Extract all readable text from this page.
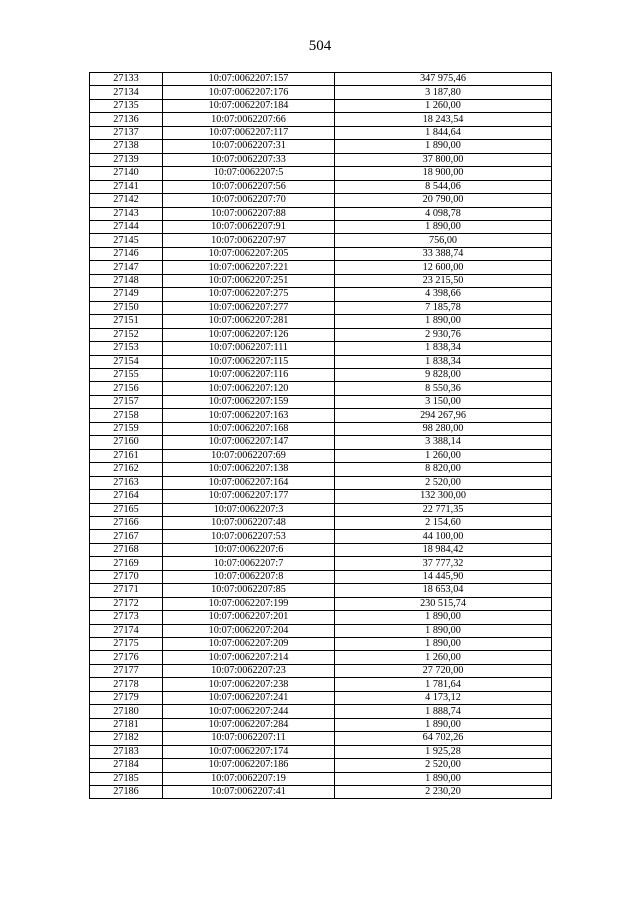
504
27133	10:07:0062207:157	347 975,46
27134	10:07:0062207:176	3 187,80
27135	10:07:0062207:184	1 260,00
27136	10:07:0062207:66	18 243,54
27137	10:07:0062207:117	1 844,64
27138	10:07:0062207:31	1 890,00
27139	10:07:0062207:33	37 800,00
27140	10:07:0062207:5	18 900,00
27141	10:07:0062207:56	8 544,06
27142	10:07:0062207:70	20 790,00
27143	10:07:0062207:88	4 098,78
27144	10:07:0062207:91	1 890,00
27145	10:07:0062207:97	756,00
27146	10:07:0062207:205	33 388,74
27147	10:07:0062207:221	12 600,00
27148	10:07:0062207:251	23 215,50
27149	10:07:0062207:275	4 398,66
27150	10:07:0062207:277	7 185,78
27151	10:07:0062207:281	1 890,00
27152	10:07:0062207:126	2 930,76
27153	10:07:0062207:111	1 838,34
27154	10:07:0062207:115	1 838,34
27155	10:07:0062207:116	9 828,00
27156	10:07:0062207:120	8 550,36
27157	10:07:0062207:159	3 150,00
27158	10:07:0062207:163	294 267,96
27159	10:07:0062207:168	98 280,00
27160	10:07:0062207:147	3 388,14
27161	10:07:0062207:69	1 260,00
27162	10:07:0062207:138	8 820,00
27163	10:07:0062207:164	2 520,00
27164	10:07:0062207:177	132 300,00
27165	10:07:0062207:3	22 771,35
27166	10:07:0062207:48	2 154,60
27167	10:07:0062207:53	44 100,00
27168	10:07:0062207:6	18 984,42
27169	10:07:0062207:7	37 777,32
27170	10:07:0062207:8	14 445,90
27171	10:07:0062207:85	18 653,04
27172	10:07:0062207:199	230 515,74
27173	10:07:0062207:201	1 890,00
27174	10:07:0062207:204	1 890,00
27175	10:07:0062207:209	1 890,00
27176	10:07:0062207:214	1 260,00
27177	10:07:0062207:23	27 720,00
27178	10:07:0062207:238	1 781,64
27179	10:07:0062207:241	4 173,12
27180	10:07:0062207:244	1 888,74
27181	10:07:0062207:284	1 890,00
27182	10:07:0062207:11	64 702,26
27183	10:07:0062207:174	1 925,28
27184	10:07:0062207:186	2 520,00
27185	10:07:0062207:19	1 890,00
27186	10:07:0062207:41	2 230,20
